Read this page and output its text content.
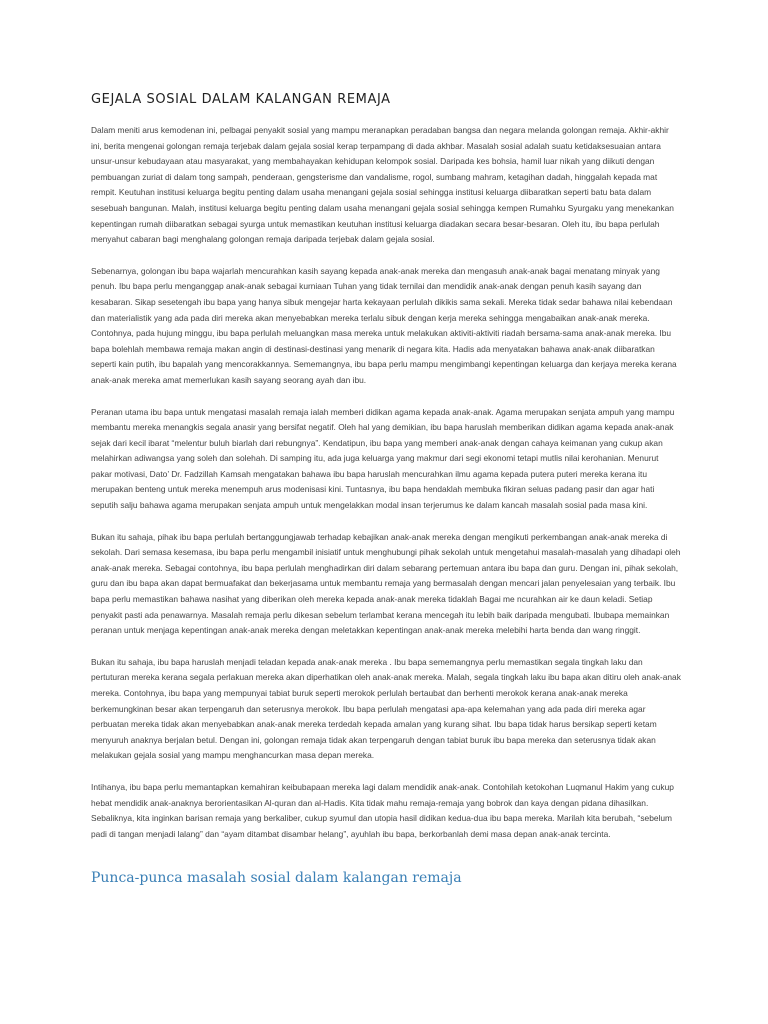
GEJALA SOSIAL DALAM KALANGAN REMAJA

Dalam meniti arus kemodenan ini, pelbagai penyakit sosial yang mampu meranapkan peradaban bangsa dan negara melanda golongan remaja. Akhir-akhir ini, berita mengenai golongan remaja terjebak dalam gejala sosial kerap terpampang di dada akhbar. Masalah sosial adalah suatu ketidaksesuaian antara unsur-unsur kebudayaan atau masyarakat, yang membahayakan kehidupan kelompok sosial. Daripada kes bohsia, hamil luar nikah yang diikuti dengan pembuangan zuriat di dalam tong sampah, penderaan, gengsterisme dan vandalisme, rogol, sumbang mahram, ketagihan dadah, hinggalah kepada mat rempit. Keutuhan institusi keluarga begitu penting dalam usaha menangani gejala sosial sehingga institusi keluarga diibaratkan seperti batu bata dalam sesebuah bangunan. Malah, institusi keluarga begitu penting dalam usaha menangani gejala sosial sehingga kempen Rumahku Syurgaku yang menekankan kepentingan rumah diibaratkan sebagai syurga untuk memastikan keutuhan institusi keluarga diadakan secara besar-besaran. Oleh itu, ibu bapa perlulah menyahut cabaran bagi menghalang golongan remaja daripada terjebak dalam gejala sosial.

Sebenarnya, golongan ibu bapa wajarlah mencurahkan kasih sayang kepada anak-anak mereka dan mengasuh anak-anak bagai menatang minyak yang penuh. Ibu bapa perlu menganggap anak-anak sebagai kurniaan Tuhan yang tidak ternilai dan mendidik anak-anak dengan penuh kasih sayang dan kesabaran. Sikap sesetengah ibu bapa yang hanya sibuk mengejar harta kekayaan perlulah dikikis sama sekali. Mereka tidak sedar bahawa nilai kebendaan dan materialistik yang ada pada diri mereka akan menyebabkan mereka terlalu sibuk dengan kerja mereka sehingga mengabaikan anak-anak mereka. Contohnya, pada hujung minggu, ibu bapa perlulah meluangkan masa mereka untuk melakukan aktiviti-aktiviti riadah bersama-sama anak-anak mereka. Ibu bapa bolehlah membawa remaja makan angin di destinasi-destinasi yang menarik di negara kita. Hadis ada menyatakan bahawa anak-anak diibaratkan seperti kain putih, ibu bapalah yang mencorakkannya. Sememangnya, ibu bapa perlu mampu mengimbangi kepentingan keluarga dan kerjaya mereka kerana anak-anak mereka amat memerlukan kasih sayang seorang ayah dan ibu.

Peranan utama ibu bapa untuk mengatasi masalah remaja ialah memberi didikan agama kepada anak-anak. Agama merupakan senjata ampuh yang mampu membantu mereka menangkis segala anasir yang bersifat negatif. Oleh hal yang demikian, ibu bapa haruslah memberikan didikan agama kepada anak-anak sejak dari kecil ibarat “melentur buluh biarlah dari rebungnya”. Kendatipun, ibu bapa yang memberi anak-anak dengan cahaya keimanan yang cukup akan melahirkan adiwangsa yang soleh dan solehah. Di samping itu, ada juga keluarga yang makmur dari segi ekonomi tetapi mutlis nilai kerohanian. Menurut pakar motivasi, Dato’ Dr. Fadzillah Kamsah mengatakan bahawa ibu bapa haruslah mencurahkan ilmu agama kepada putera puteri mereka kerana itu merupakan benteng untuk mereka menempuh arus modenisasi kini. Tuntasnya, ibu bapa hendaklah membuka fikiran seluas padang pasir dan agar hati seputih salju bahawa agama merupakan senjata ampuh untuk mengelakkan modal insan terjerumus ke dalam kancah masalah sosial pada masa kini.

Bukan itu sahaja, pihak ibu bapa perlulah bertanggungjawab terhadap kebajikan anak-anak mereka dengan mengikuti perkembangan anak-anak mereka di sekolah. Dari semasa kesemasa, ibu bapa perlu mengambil inisiatif untuk menghubungi pihak sekolah untuk mengetahui masalah-masalah yang dihadapi oleh anak-anak mereka. Sebagai contohnya, ibu bapa perlulah menghadirkan diri dalam sebarang pertemuan antara ibu bapa dan guru. Dengan ini, pihak sekolah, guru dan ibu bapa akan dapat bermuafakat dan bekerjasama untuk membantu remaja yang bermasalah dengan mencari jalan penyelesaian yang terbaik. Ibu bapa perlu memastikan bahawa nasihat yang diberikan oleh mereka kepada anak-anak mereka tidaklah Bagai me ncurahkan air ke daun keladi. Setiap penyakit pasti ada penawarnya. Masalah remaja perlu dikesan sebelum terlambat kerana mencegah itu lebih baik daripada mengubati. Ibubapa memainkan peranan untuk menjaga kepentingan anak-anak mereka dengan meletakkan kepentingan anak-anak mereka melebihi harta benda dan wang ringgit.

Bukan itu sahaja, ibu bapa haruslah menjadi teladan kepada anak-anak mereka . Ibu bapa sememangnya perlu memastikan segala tingkah laku dan pertuturan mereka kerana segala perlakuan mereka akan diperhatikan oleh anak-anak mereka. Malah, segala tingkah laku ibu bapa akan ditiru oleh anak-anak mereka. Contohnya, ibu bapa yang mempunyai tabiat buruk seperti merokok perlulah bertaubat dan berhenti merokok kerana anak-anak mereka berkemungkinan besar akan terpengaruh dan seterusnya merokok. Ibu bapa perlulah mengatasi apa-apa kelemahan yang ada pada diri mereka agar perbuatan mereka tidak akan menyebabkan anak-anak mereka terdedah kepada amalan yang kurang sihat. Ibu bapa tidak harus bersikap seperti ketam menyuruh anaknya berjalan betul. Dengan ini, golongan remaja tidak akan terpengaruh dengan tabiat buruk ibu bapa mereka dan seterusnya tidak akan melakukan gejala sosial yang mampu menghancurkan masa depan mereka.

Intihanya, ibu bapa perlu memantapkan kemahiran keibubapaan mereka lagi dalam mendidik anak-anak. Contohilah ketokohan Luqmanul Hakim yang cukup hebat mendidik anak-anaknya berorientasikan Al-quran dan al-Hadis. Kita tidak mahu remaja-remaja yang bobrok dan kaya dengan pidana dihasilkan. Sebaliknya, kita inginkan barisan remaja yang berkaliber, cukup syumul dan utopia hasil didikan kedua-dua ibu bapa mereka. Marilah kita berubah, “sebelum padi di tangan menjadi lalang” dan “ayam ditambat disambar helang”, ayuhlah ibu bapa, berkorbanlah demi masa depan anak-anak tercinta.

Punca-punca masalah sosial dalam kalangan remaja
